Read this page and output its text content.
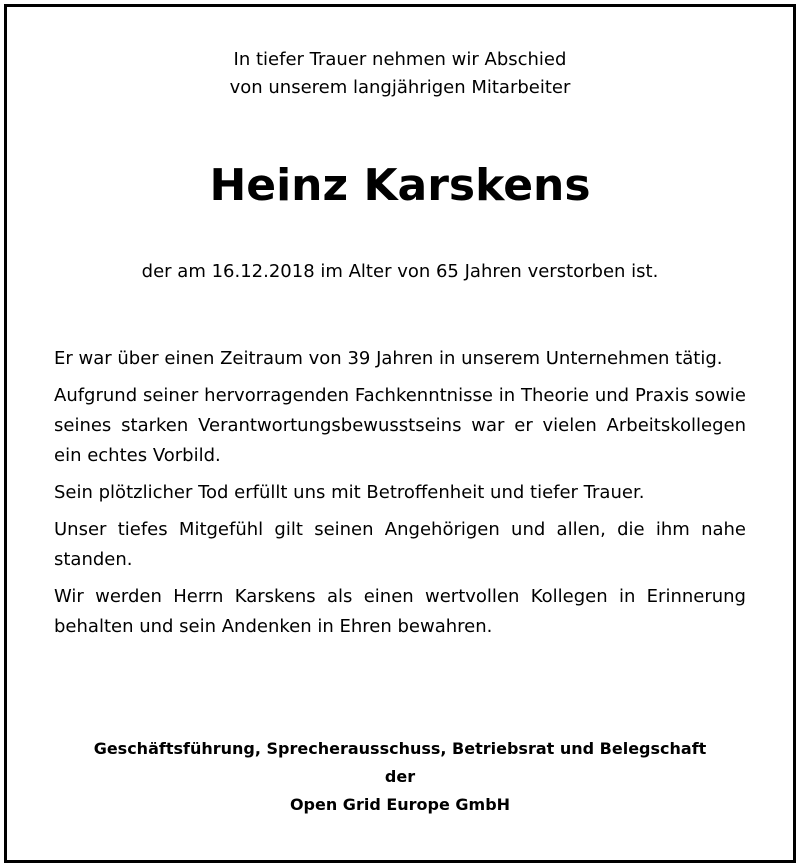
In tiefer Trauer nehmen wir Abschied
von unserem langjährigen Mitarbeiter
Heinz Karskens
der am 16.12.2018 im Alter von 65 Jahren verstorben ist.

Er war über einen Zeitraum von 39 Jahren in unserem Unternehmen tätig.

Aufgrund seiner hervorragenden Fachkenntnisse in Theorie und Praxis sowie seines starken Verantwortungsbewusstseins war er vielen Arbeitskollegen ein echtes Vorbild.

Sein plötzlicher Tod erfüllt uns mit Betroffenheit und tiefer Trauer.

Unser tiefes Mitgefühl gilt seinen Angehörigen und allen, die ihm nahe standen.

Wir werden Herrn Karskens als einen wertvollen Kollegen in Erinnerung behalten und sein Andenken in Ehren bewahren.

Geschäftsführung, Sprecherausschuss, Betriebsrat und Belegschaft
der
Open Grid Europe GmbH
